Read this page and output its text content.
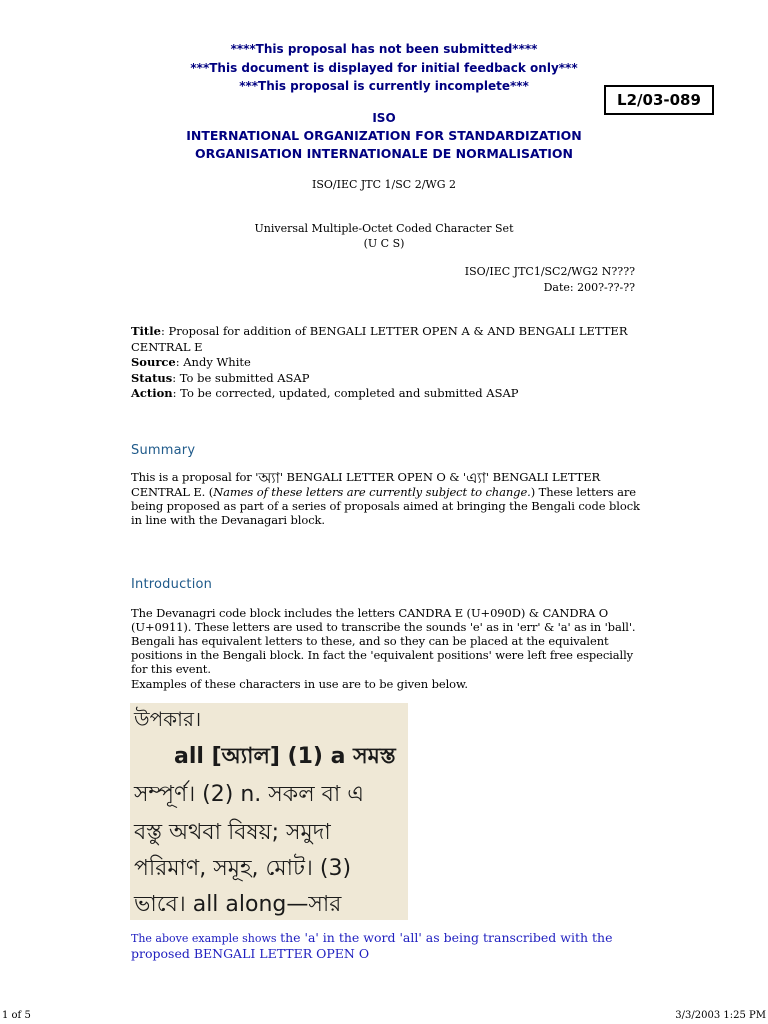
****This proposal has not been submitted****
***This document is displayed for initial feedback only***
***This proposal is currently incomplete***
L2/03-089
ISO
INTERNATIONAL ORGANIZATION FOR STANDARDIZATION
ORGANISATION INTERNATIONALE DE NORMALISATION
ISO/IEC JTC 1/SC 2/WG 2
Universal Multiple-Octet Coded Character Set
(U C S)
ISO/IEC JTC1/SC2/WG2 N????
Date: 200?-??-??
Title: Proposal for addition of BENGALI LETTER OPEN A & AND BENGALI LETTER CENTRAL E
Source: Andy White
Status: To be submitted ASAP
Action: To be corrected, updated, completed and submitted ASAP
Summary
This is a proposal for 'অ্যা' BENGALI LETTER OPEN O & 'এ্যা' BENGALI LETTER CENTRAL E. (Names of these letters are currently subject to change.) These letters are being proposed as part of a series of proposals aimed at bringing the Bengali code block in line with the Devanagari block.
Introduction
The Devanagri code block includes the letters CANDRA E (U+090D) & CANDRA O (U+0911). These letters are used to transcribe the sounds 'e' as in 'err' & 'a' as in 'ball'. Bengali has equivalent letters to these, and so they can be placed at the equivalent positions in the Bengali block. In fact the 'equivalent positions' were left free especially for this event.
Examples of these characters in use are to be given below.
উপকার।
all [অ্যাল] (1) a সমস্ত
সম্পূর্ণ। (2) n. সকল বা এ
বস্তু অথবা বিষয়; সমুদা
পরিমাণ, সমূহ, মোট। (3)
ভাবে। all along—সার
The above example shows the 'a' in the word 'all' as being transcribed with the proposed BENGALI LETTER OPEN O
1 of 5	3/3/2003 1:25 PM
